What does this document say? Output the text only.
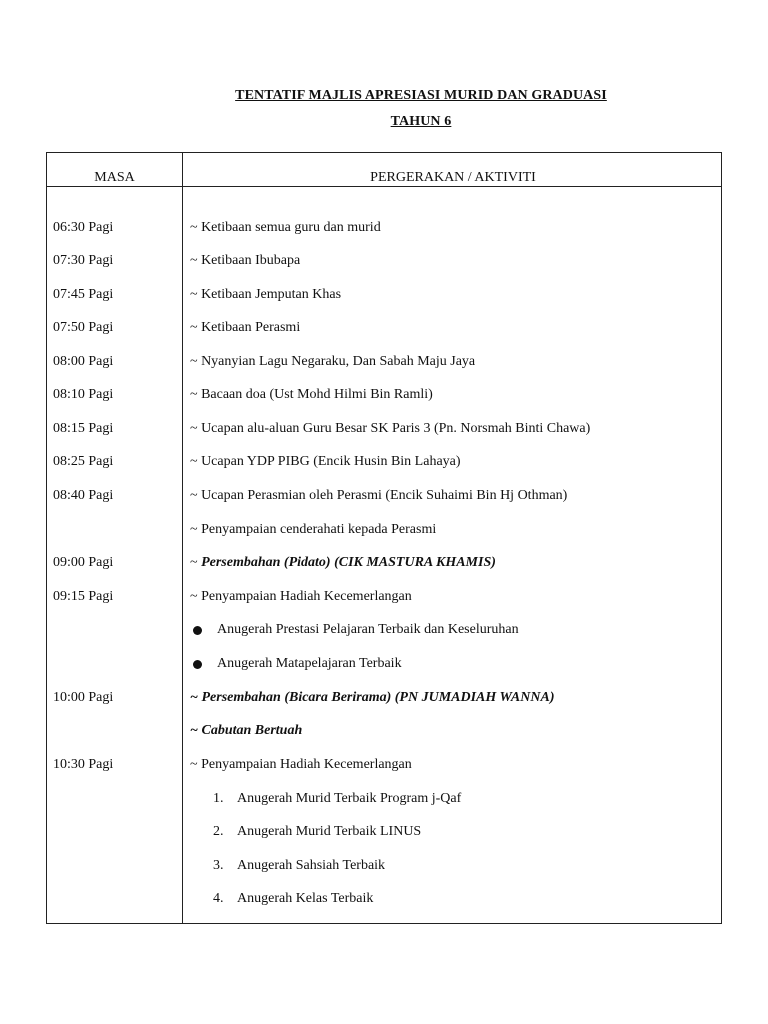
TENTATIF MAJLIS APRESIASI MURID DAN GRADUASI
TAHUN 6
MASA	PERGERAKAN / AKTIVITI
06:30 Pagi	~ Ketibaan semua guru dan murid
07:30 Pagi	~ Ketibaan Ibubapa
07:45 Pagi	~ Ketibaan Jemputan Khas
07:50 Pagi	~ Ketibaan Perasmi
08:00 Pagi	~ Nyanyian Lagu Negaraku, Dan Sabah Maju Jaya
08:10 Pagi	~ Bacaan doa (Ust Mohd Hilmi Bin Ramli)
08:15 Pagi	~ Ucapan alu-aluan Guru Besar SK Paris 3 (Pn. Norsmah Binti Chawa)
08:25 Pagi	~ Ucapan YDP PIBG (Encik Husin Bin Lahaya)
08:40 Pagi	~ Ucapan Perasmian oleh Perasmi (Encik Suhaimi Bin Hj Othman)
~ Penyampaian cenderahati kepada Perasmi
09:00 Pagi	~ Persembahan (Pidato) (CIK MASTURA KHAMIS)
09:15 Pagi	~ Penyampaian Hadiah Kecemerlangan
Anugerah Prestasi Pelajaran Terbaik dan Keseluruhan
Anugerah Matapelajaran Terbaik
10:00 Pagi	~ Persembahan (Bicara Berirama) (PN JUMADIAH WANNA)
~ Cabutan Bertuah
10:30 Pagi	~ Penyampaian Hadiah Kecemerlangan
1. Anugerah Murid Terbaik Program j-Qaf
2. Anugerah Murid Terbaik LINUS
3. Anugerah Sahsiah Terbaik
4. Anugerah Kelas Terbaik
